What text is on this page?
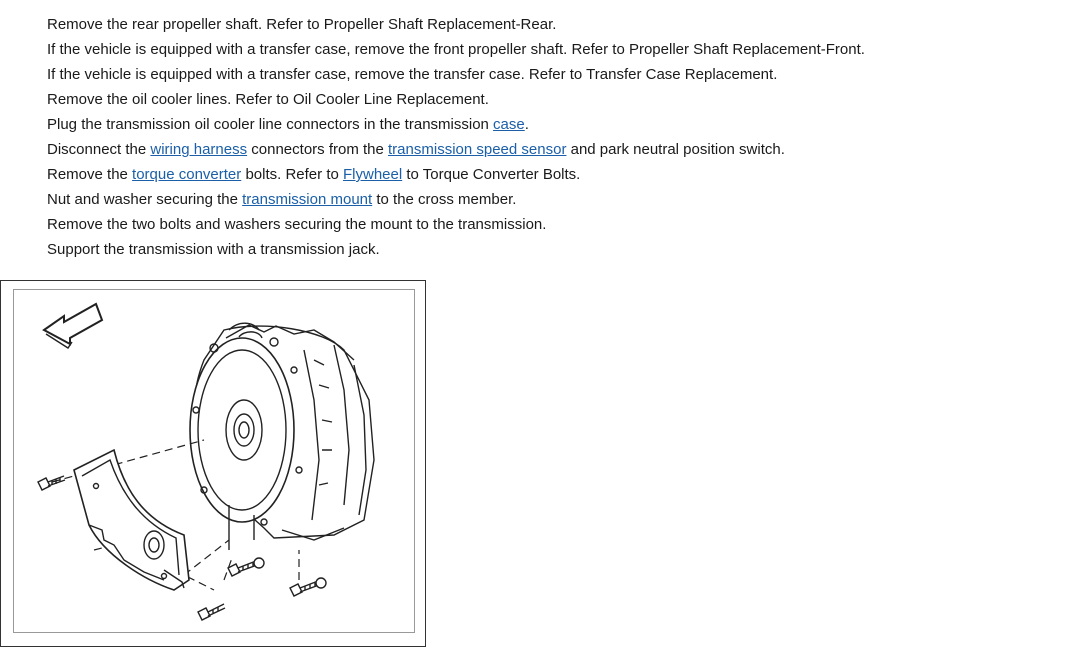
Remove the rear propeller shaft. Refer to Propeller Shaft Replacement-Rear.
If the vehicle is equipped with a transfer case, remove the front propeller shaft. Refer to Propeller Shaft Replacement-Front.
If the vehicle is equipped with a transfer case, remove the transfer case. Refer to Transfer Case Replacement.
Remove the oil cooler lines. Refer to Oil Cooler Line Replacement.
Plug the transmission oil cooler line connectors in the transmission case.
Disconnect the wiring harness connectors from the transmission speed sensor and park neutral position switch.
Remove the torque converter bolts. Refer to Flywheel to Torque Converter Bolts.
Nut and washer securing the transmission mount to the cross member.
Remove the two bolts and washers securing the mount to the transmission.
Support the transmission with a transmission jack.
